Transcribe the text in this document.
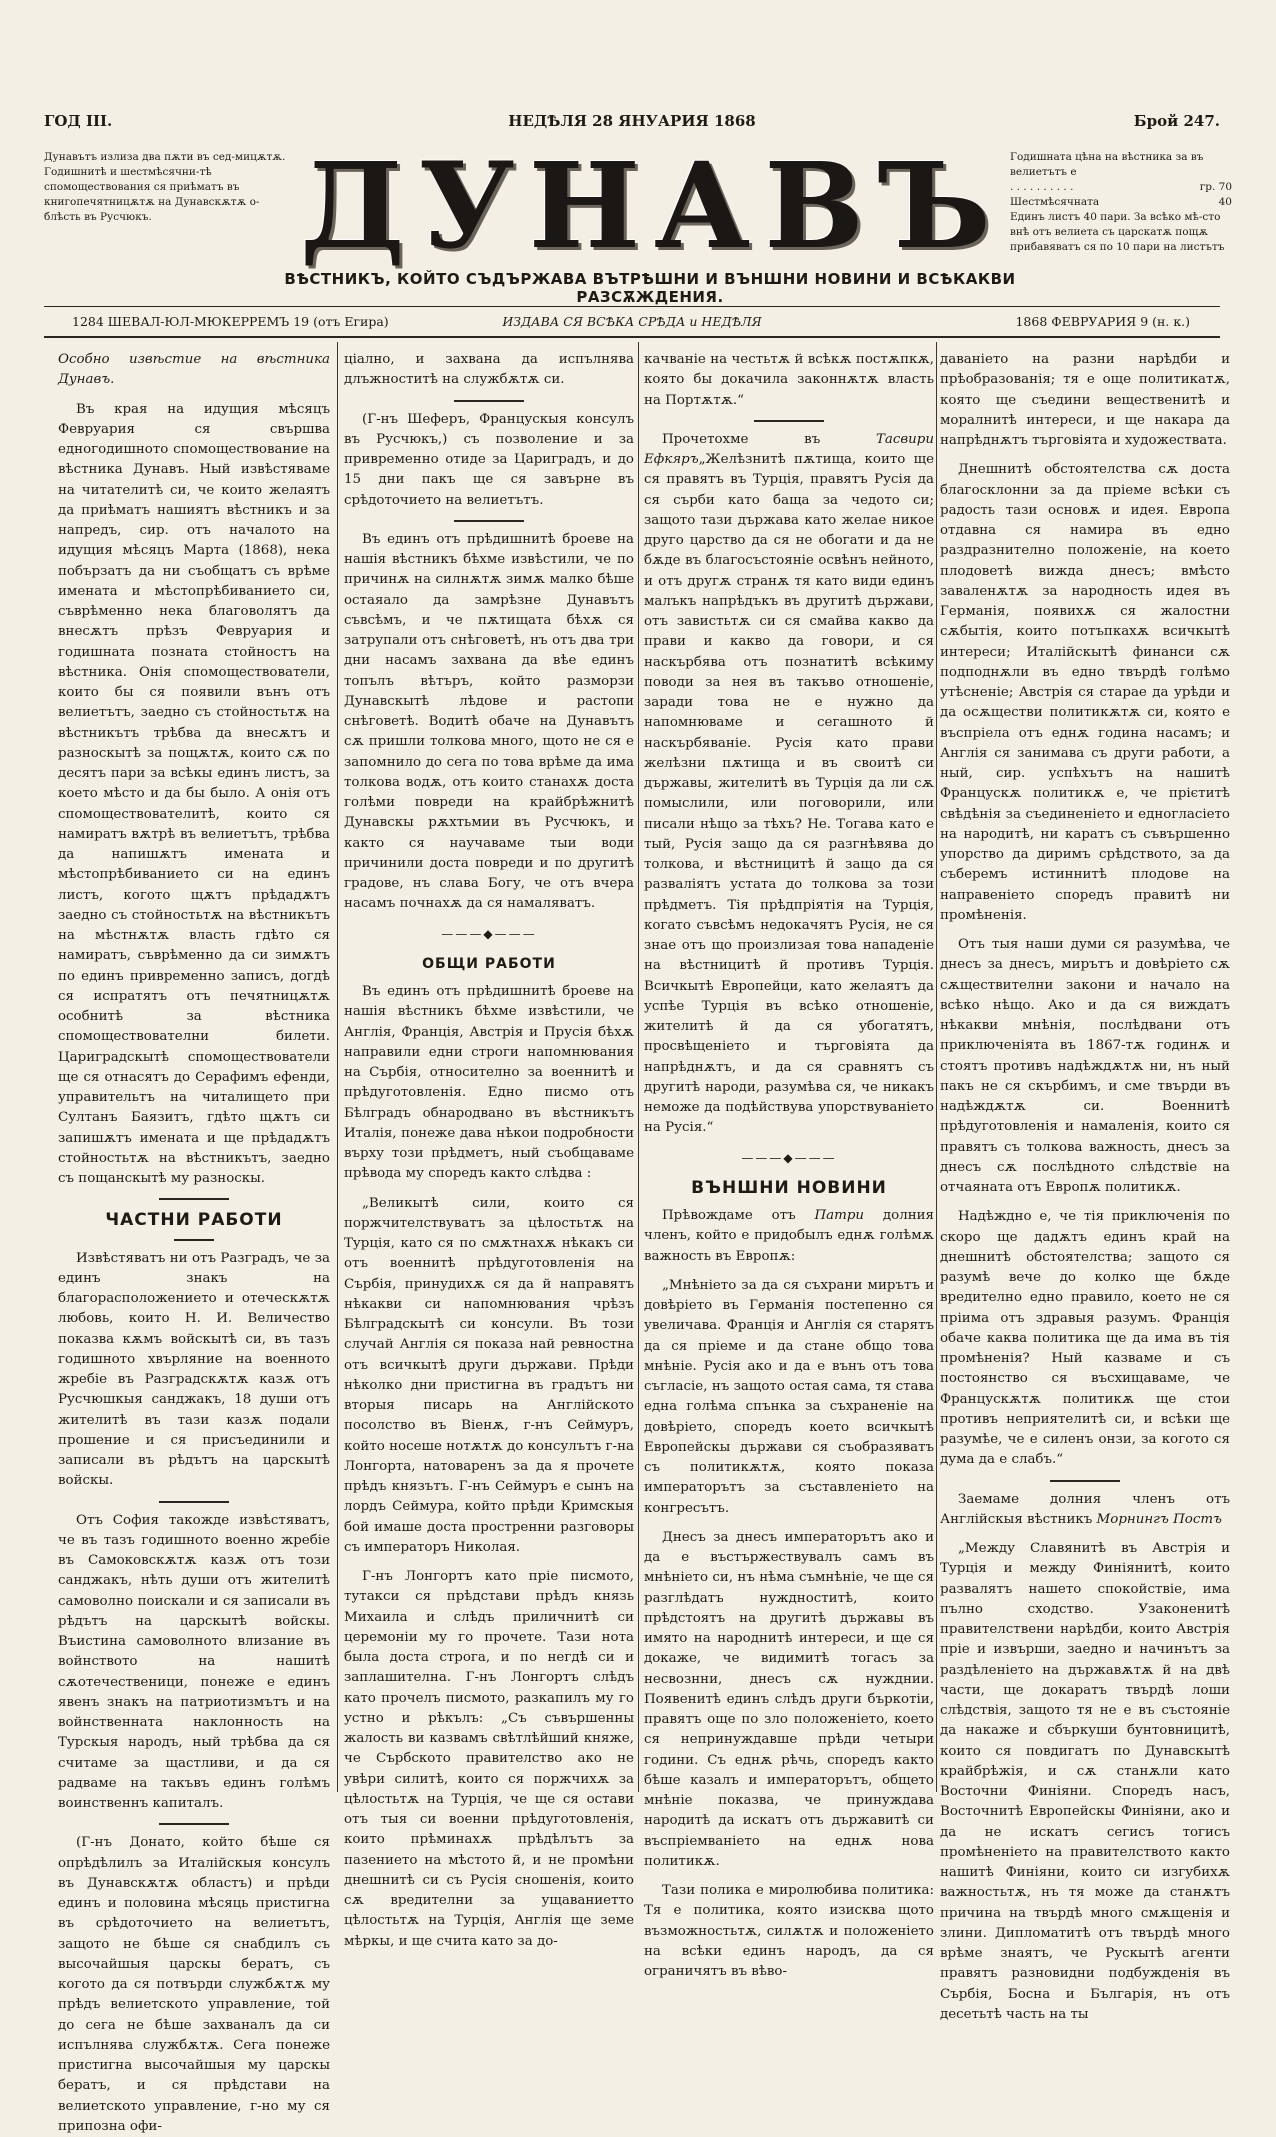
ГОД III.	НЕДѢЛЯ 28 ЯНУАРИЯ 1868	Брой 247.
Дунавътъ излиза два пѫти въ сед-мицѫтѫ. Годишнитѣ и шестмѣсячни-тѣ спомоществования ся приѣматъ въ книгопечятницѫтѫ на Дунавскѫтѫ о-блѣсть въ Русчюкъ.
Годишната цѣна на вѣстника за въ велиетътъ е
. . . . . . . . . .	гр. 70
Шестмѣсячната	40
Единъ листъ 40 пари. За всѣко мѣ-сто внѣ отъ велиета съ царскатѫ пощѫ прибавяватъ ся по 10 пари на листътъ
ДУНАВЪ
ВѢСТНИКЪ, КОЙТО СЪДЪРЖАВА ВЪТРѢШНИ И ВЪНШНИ НОВИНИ И ВСѢКАКВИ РАЗСѪЖДЕНИЯ.
1284 ШЕВАЛ-ЮЛ-МЮКЕРРЕМЪ 19 (отъ Егира)	ИЗДАВА СЯ ВСѢКА СРѢДА и НЕДѢЛЯ	1868 ФЕВРУАРИЯ 9 (н. к.)

Особно извѣстие на вѣстника Дунавъ.

Въ края на идущия мѣсяцъ Февруария ся свършва едногодишното спомоществование на вѣстника Дунавъ. Ный извѣстяваме на читателитѣ си, че които желаятъ да приѣматъ нашиятъ вѣстникъ и за напредъ, сир. отъ началото на идущия мѣсяцъ Марта (1868), нека побързатъ да ни съобщатъ съ врѣме имената и мѣстопрѣбиванието си, съврѣменно нека благоволятъ да внесѫтъ прѣзъ Февруария и годишната позната стойностъ на вѣстника. Онія спомоществователи, които бы ся появили вънъ отъ велиетътъ, заедно съ стойностьтѫ на вѣстникътъ трѣбва да внесѫтъ и разноскытѣ за пощѫтѫ, които сѫ по десятъ пари за всѣкы единъ листъ, за което мѣсто и да бы было. А онія отъ спомоществователитѣ, които ся намиратъ вѫтрѣ въ велиетътъ, трѣбва да напишѫтъ имената и мѣстопрѣбиванието си на единъ листъ, когото щѫтъ прѣдадѫтъ заедно съ стойностьтѫ на вѣстникътъ на мѣстнѫтѫ власть гдѣто ся намиратъ, съврѣменно да си зимѫтъ по единъ привременно записъ, догдѣ ся испратятъ отъ печятницѫтѫ особнитѣ за вѣстника спомоществователни билети. Цариградскытѣ спомоществователи ще ся отнасятъ до Серафимъ ефенди, управительтъ на читалището при Султанъ Баязитъ, гдѣто щѫтъ си запишѫтъ имената и ще прѣдадѫтъ стойностьтѫ на вѣстникътъ, заедно съ пощанскытѣ му разноскы.

ЧАСТНИ РАБОТИ

Извѣстяватъ ни отъ Разградъ, че за единъ знакъ на благорасположението и отеческѫтѫ любовь, които Н. И. Величество показва кѫмъ войскытѣ си, въ тазъ годишното хвърляние на военното жребіе въ Разградскѫтѫ казѫ отъ Русчюшкыя санджакъ, 18 души отъ жителитѣ въ тази казѫ подали прошение и ся присъединили и записали въ рѣдътъ на царскытѣ войскы.

Отъ София такожде извѣстяватъ, че въ тазъ годишното военно жребіе въ Самоковскѫтѫ казѫ отъ този санджакъ, нѣть души отъ жителитѣ самоволно поискали и ся записали въ рѣдътъ на царскытѣ войскы. Въистина самоволното влизание въ войнството на нашитѣ сѫотечественици, понеже е единъ явенъ знакъ на патриотизмътъ и на войнственната наклонность на Турскыя народъ, ный трѣбва да ся считаме за щастливи, и да ся радваме на такъвъ единъ голѣмъ воинственнъ капиталъ.

(Г-нъ Донато, който бѣше ся опрѣдѣлилъ за Италійскыя консулъ въ Дунавскѫтѫ областъ) и прѣди единъ и половина мѣсяць пристигна въ срѣдоточието на велиетътъ, защото не бѣше ся снабдилъ съ высочайшыя царскы бератъ, съ когото да ся потвърди службѫтѫ му прѣдъ велиетското управление, той до сега не бѣше захваналъ да си испълнява службѫтѫ. Сега понеже пристигна высочайшыя му царскы бератъ, и ся прѣдстави на велиетското управление, г-но му ся припозна офи-

ціално, и захвана да испълнява длъжноститѣ на службѫтѫ си.

(Г-нъ Шеферъ, Францускыя консулъ въ Русчюкъ,) съ позволение и за привременно отиде за Цариградъ, и до 15 дни пакъ ще ся завърне въ срѣдоточието на велиетътъ.

Въ единъ отъ прѣдишнитѣ броеве на нашія вѣстникъ бѣхме извѣстили, че по причинѫ на силнѫтѫ зимѫ малко бѣше остаяало да замрѣзне Дунавътъ съвсѣмъ, и че пѫтищата бѣхѫ ся затрупали отъ снѣговетѣ, нъ отъ два три дни насамъ захвана да вѣе единъ топълъ вѣтъръ, който разморзи Дунавскытѣ лѣдове и растопи снѣговетѣ. Водитѣ обаче на Дунавътъ сѫ пришли толкова много, щото не ся е запомнило до сега по това врѣме да има толкова водѫ, отъ които станахѫ доста голѣми повреди на крайбрѣжнитѣ Дунавскы рѫхтьмии въ Русчюкъ, и както ся научаваме тыи води причинили доста повреди и по другитѣ градове, нъ слава Богу, че отъ вчера насамъ почнахѫ да ся намаляватъ.

———◆———
ОБЩИ РАБОТИ

Въ единъ отъ прѣдишнитѣ броеве на нашія вѣстникъ бѣхме извѣстили, че Англія, Франція, Австрія и Прусія бѣхѫ направили едни строги напомнювания на Сърбія, относително за военнитѣ и прѣдуготовленія. Едно писмо отъ Бѣлградъ обнародвано въ вѣстникътъ Италія, понеже дава нѣкои подробности върху този прѣдметъ, ный съобщаваме прѣвода му споредъ както слѣдва :

„Великытѣ сили, които ся поржчителствуватъ за цѣлостьтѫ на Турція, като ся по смѫтнахѫ нѣкакъ си отъ военнитѣ прѣдуготовленія на Сърбія, принудихѫ ся да й направятъ нѣкакви си напомнювания чрѣзъ Бѣлградскытѣ си консули. Въ този случай Англія ся показа най ревностна отъ всичкытѣ други държави. Прѣди нѣколко дни пристигна въ градътъ ни вторыя писарь на Англійското посолство въ Віенѫ, г-нъ Сеймуръ, който носеше нотѫтѫ до консулътъ г-на Лонгорта, натоваренъ за да я прочете прѣдъ князътъ. Г-нъ Сеймуръ е сынъ на лордъ Сеймура, който прѣди Кримскыя бой имаше доста простренни разговоры съ императоръ Николая.

Г-нъ Лонгортъ като пріе писмото, тутакси ся прѣдстави прѣдъ князь Михаила и слѣдъ приличнитѣ си церемоніи му го прочете. Тази нота была доста строга, и по негдѣ си и заплашителна. Г-нъ Лонгортъ слѣдъ като прочелъ писмото, разкапилъ му го устно и рѣкълъ: „Съ съвършенны жалость ви казвамъ свѣтлѣйший княже, че Сърбското правителство ако не увѣри силитѣ, които ся поржчихѫ за цѣлостьтѫ на Турція, че ще ся остави отъ тыя си военни прѣдуготовленія, които прѣминахѫ прѣдѣлътъ за пазението на мѣстото й, и не промѣни днешнитѣ си съ Русія сношенія, които сѫ вредителни за ущаваниетто цѣлостьтѫ на Турція, Англія ще земе мѣркы, и ще счита като за до-

качваніе на честьтѫ й всѣкѫ постѫпкѫ, която бы докачила законнѫтѫ власть на Портѫтѫ.“

Прочетохме въ Тасвири Ефкяръ„Желѣзнитѣ пѫтища, които ще ся правятъ въ Турція, правятъ Русія да ся сърби като баща за чедото си; защото тази държава като желае никое друго царство да ся не обогати и да не бѫде въ благосъстояніе освѣнъ нейното, и отъ другѫ странѫ тя като види единъ малъкъ напрѣдъкъ въ другитѣ държави, отъ завистьтѫ си ся смайва какво да прави и какво да говори, и ся наскърбява отъ познатитѣ всѣкиму поводи за нея въ такъво отношеніе, заради това не е нужно да напомнюваме и сегашното й наскърбяваніе. Русія като прави желѣзни пѫтища и въ своитѣ си държавы, жителитѣ въ Турція да ли сѫ помыслили, или поговорили, или писали нѣщо за тѣхъ? Не. Тогава като е тый, Русія защо да ся разгнѣвява до толкова, и вѣстницитѣ й защо да ся разваліятъ устата до толкова за този прѣдметъ. Тія прѣдпріятія на Турція, когато съвсѣмъ недокачятъ Русія, не ся знае отъ що произлизая това нападеніе на вѣстницитѣ й противъ Турція. Всичкытѣ Европейци, като желаятъ да успѣе Турція въ всѣко отношеніе, жителитѣ й да ся убогатятъ, просвѣщеніето и търговіята да напрѣднѫтъ, и да ся сравнятъ съ другитѣ народи, разумѣва ся, че никакъ неможе да подѣйствува упорствуваніето на Русія.“

———◆———
ВЪНШНИ НОВИНИ

Прѣвождаме отъ Патри долния членъ, който е придобылъ еднѫ голѣмѫ важность въ Европѫ:

„Мнѣніето за да ся съхрани мирътъ и довѣріето въ Германія постепенно ся увеличава. Франція и Англія ся старятъ да ся пріеме и да стане общо това мнѣніе. Русія ако и да е вънъ отъ това съгласіе, нъ защото остая сама, тя става една голѣма спънка за съхраненіе на довѣріето, споредъ което всичкытѣ Европейскы държави ся съобразяватъ съ политикѫтѫ, която показа императорътъ за съставленіето на конгресътъ.

Днесъ за днесъ императорътъ ако и да е въстържествувалъ самъ въ мнѣніето си, нъ нѣма съмнѣніе, че ще ся разглѣдатъ нуждноститѣ, които прѣдстоятъ на другитѣ държавы въ имято на народнитѣ интереси, и ще ся докаже, че видимитѣ тогасъ за несвознни, днесъ сѫ нужднии. Появенитѣ единъ слѣдъ други бъркотіи, правятъ още по зло положеніето, което ся непринуждавше прѣди четыри години. Съ еднѫ рѣчь, споредъ както бѣше казалъ и императорътъ, общето мнѣніе показва, че принуждава народитѣ да искатъ отъ държавитѣ си въспріемваніето на еднѫ нова политикѫ.

Тази полика е миролюбива политика: Тя е политика, която изисква щото възможностьтѫ, силѫтѫ и положеніето на всѣки единъ народъ, да ся ограничятъ въ вѣво-

даваніето на разни нарѣдби и прѣобразованія; тя е още политикатѫ, която ще съедини вещественитѣ и моралнитѣ интереси, и ще накара да напрѣднѫтъ търговіята и художествата.

Днешнитѣ обстоятелства сѫ доста благосклонни за да пріеме всѣки съ радость тази основѫ и идея. Европа отдавна ся намира въ едно раздразнително положеніе, на което плодоветѣ вижда днесъ; вмѣсто заваленѫтѫ за народность идея въ Германія, появихѫ ся жалостни сѫбытія, които потъпкахѫ всичкытѣ интереси; Италійскытѣ финанси сѫ подподнѫли въ едно твърдѣ голѣмо утѣсненіе; Австрія ся старае да урѣди и да осѫществи политикѫтѫ си, която е въспріела отъ еднѫ година насамъ; и Англія ся занимава съ други работи, а ный, сир. успѣхътъ на нашитѣ Францускѫ политикѫ е, че прієтитѣ свѣдѣнія за съединеніето и едногласіето на народитѣ, ни каратъ съ съвършенно упорство да диримъ срѣдството, за да съберемъ истиннитѣ плодове на направеніето споредъ правитѣ ни промѣненія.

Отъ тыя наши думи ся разумѣва, че днесъ за днесъ, мирътъ и довѣріето сѫ сѫществителни закони и начало на всѣко нѣщо. Ако и да ся виждатъ нѣкакви мнѣнія, послѣдвани отъ приключеніята въ 1867-тѫ годинѫ и стоятъ противъ надѣждѫтѫ ни, нъ ный пакъ не ся скърбимъ, и сме твърди въ надѣждѫтѫ си. Военнитѣ прѣдуготовленія и намаленія, които ся правятъ съ толкова важность, днесъ за днесъ сѫ послѣдното слѣдствіе на отчаяната отъ Европѫ политикѫ.

Надѣждно е, че тія приключенія по скоро ще дадѫтъ единъ край на днешнитѣ обстоятелства; защото ся разумѣ вече до колко ще бѫде вредително едно правило, което не ся пріима отъ здравыя разумъ. Франція обаче каква политика ще да има въ тія промѣненія? Ный казваме и съ постоянство ся въсхищаваме, че Францускѫтѫ политикѫ ще стои противъ неприятелитѣ си, и всѣки ще разумѣе, че е силенъ онзи, за когото ся дума да е слабъ.“

Заемаме долния членъ отъ Англійскыя вѣстникъ Морнингъ Постъ

„Между Славянитѣ въ Австрія и Турція и между Финіянитѣ, които развалятъ нашето спокойствіе, има пълно сходство. Узаконенитѣ правителствени нарѣдби, които Австрія пріе и извърши, заедно и начинътъ за раздѣленіето на държавѫтѫ й на двѣ части, ще докаратъ твърдѣ лоши слѣдствія, защото тя не е въ състояніе да накаже и сбъркуши бунтовницитѣ, които ся повдигатъ по Дунавскытѣ крайбрѣжія, и сѫ станѫли като Восточни Финіяни. Споредъ насъ, Восточнитѣ Европейскы Финіяни, ако и да не искатъ сегисъ тогисъ промѣненіето на правителството както нашитѣ Финіяни, които си изгубихѫ важностьтѫ, нъ тя може да станѫтъ причина на твърдѣ много смѫщенія и злини. Дипломатитѣ отъ твърдѣ много врѣме знаятъ, че Рускытѣ агенти правятъ разновидни подбужденія въ Сърбія, Босна и Българія, нъ отъ десетьтѣ часть на ты
